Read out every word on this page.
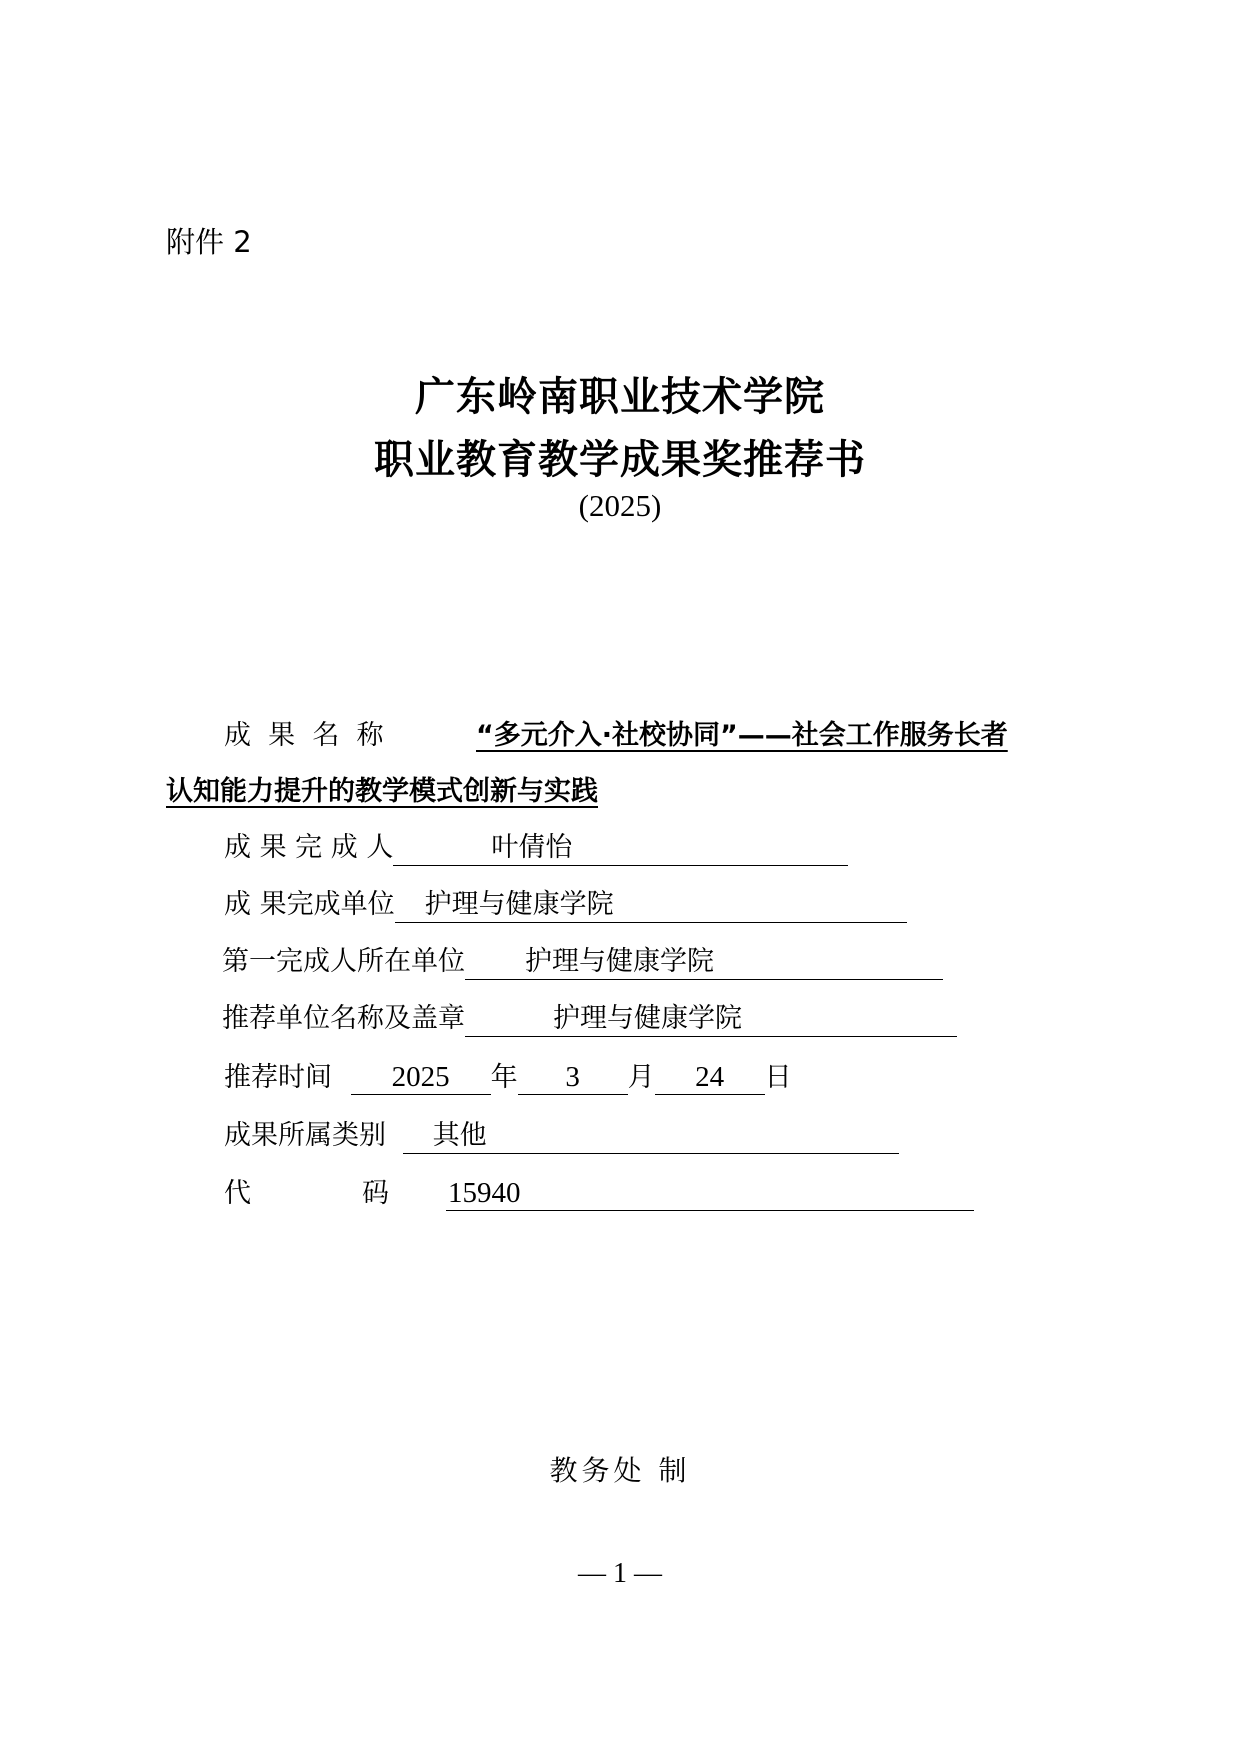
附件 2
广东岭南职业技术学院
职业教育教学成果奖推荐书
(2025)
成  果  名  称	“多元介入·社校协同”——社会工作服务长者
认知能力提升的教学模式创新与实践
成 果 完 成 人	叶倩怡
成 果完成单位 护理与健康学院
第一完成人所在单位 护理与健康学院
推荐单位名称及盖章	护理与健康学院
推荐时间 2025 年 3 月 24 日
成果所属类别 其他
代	码 15940
教务处 制
— 1 —
